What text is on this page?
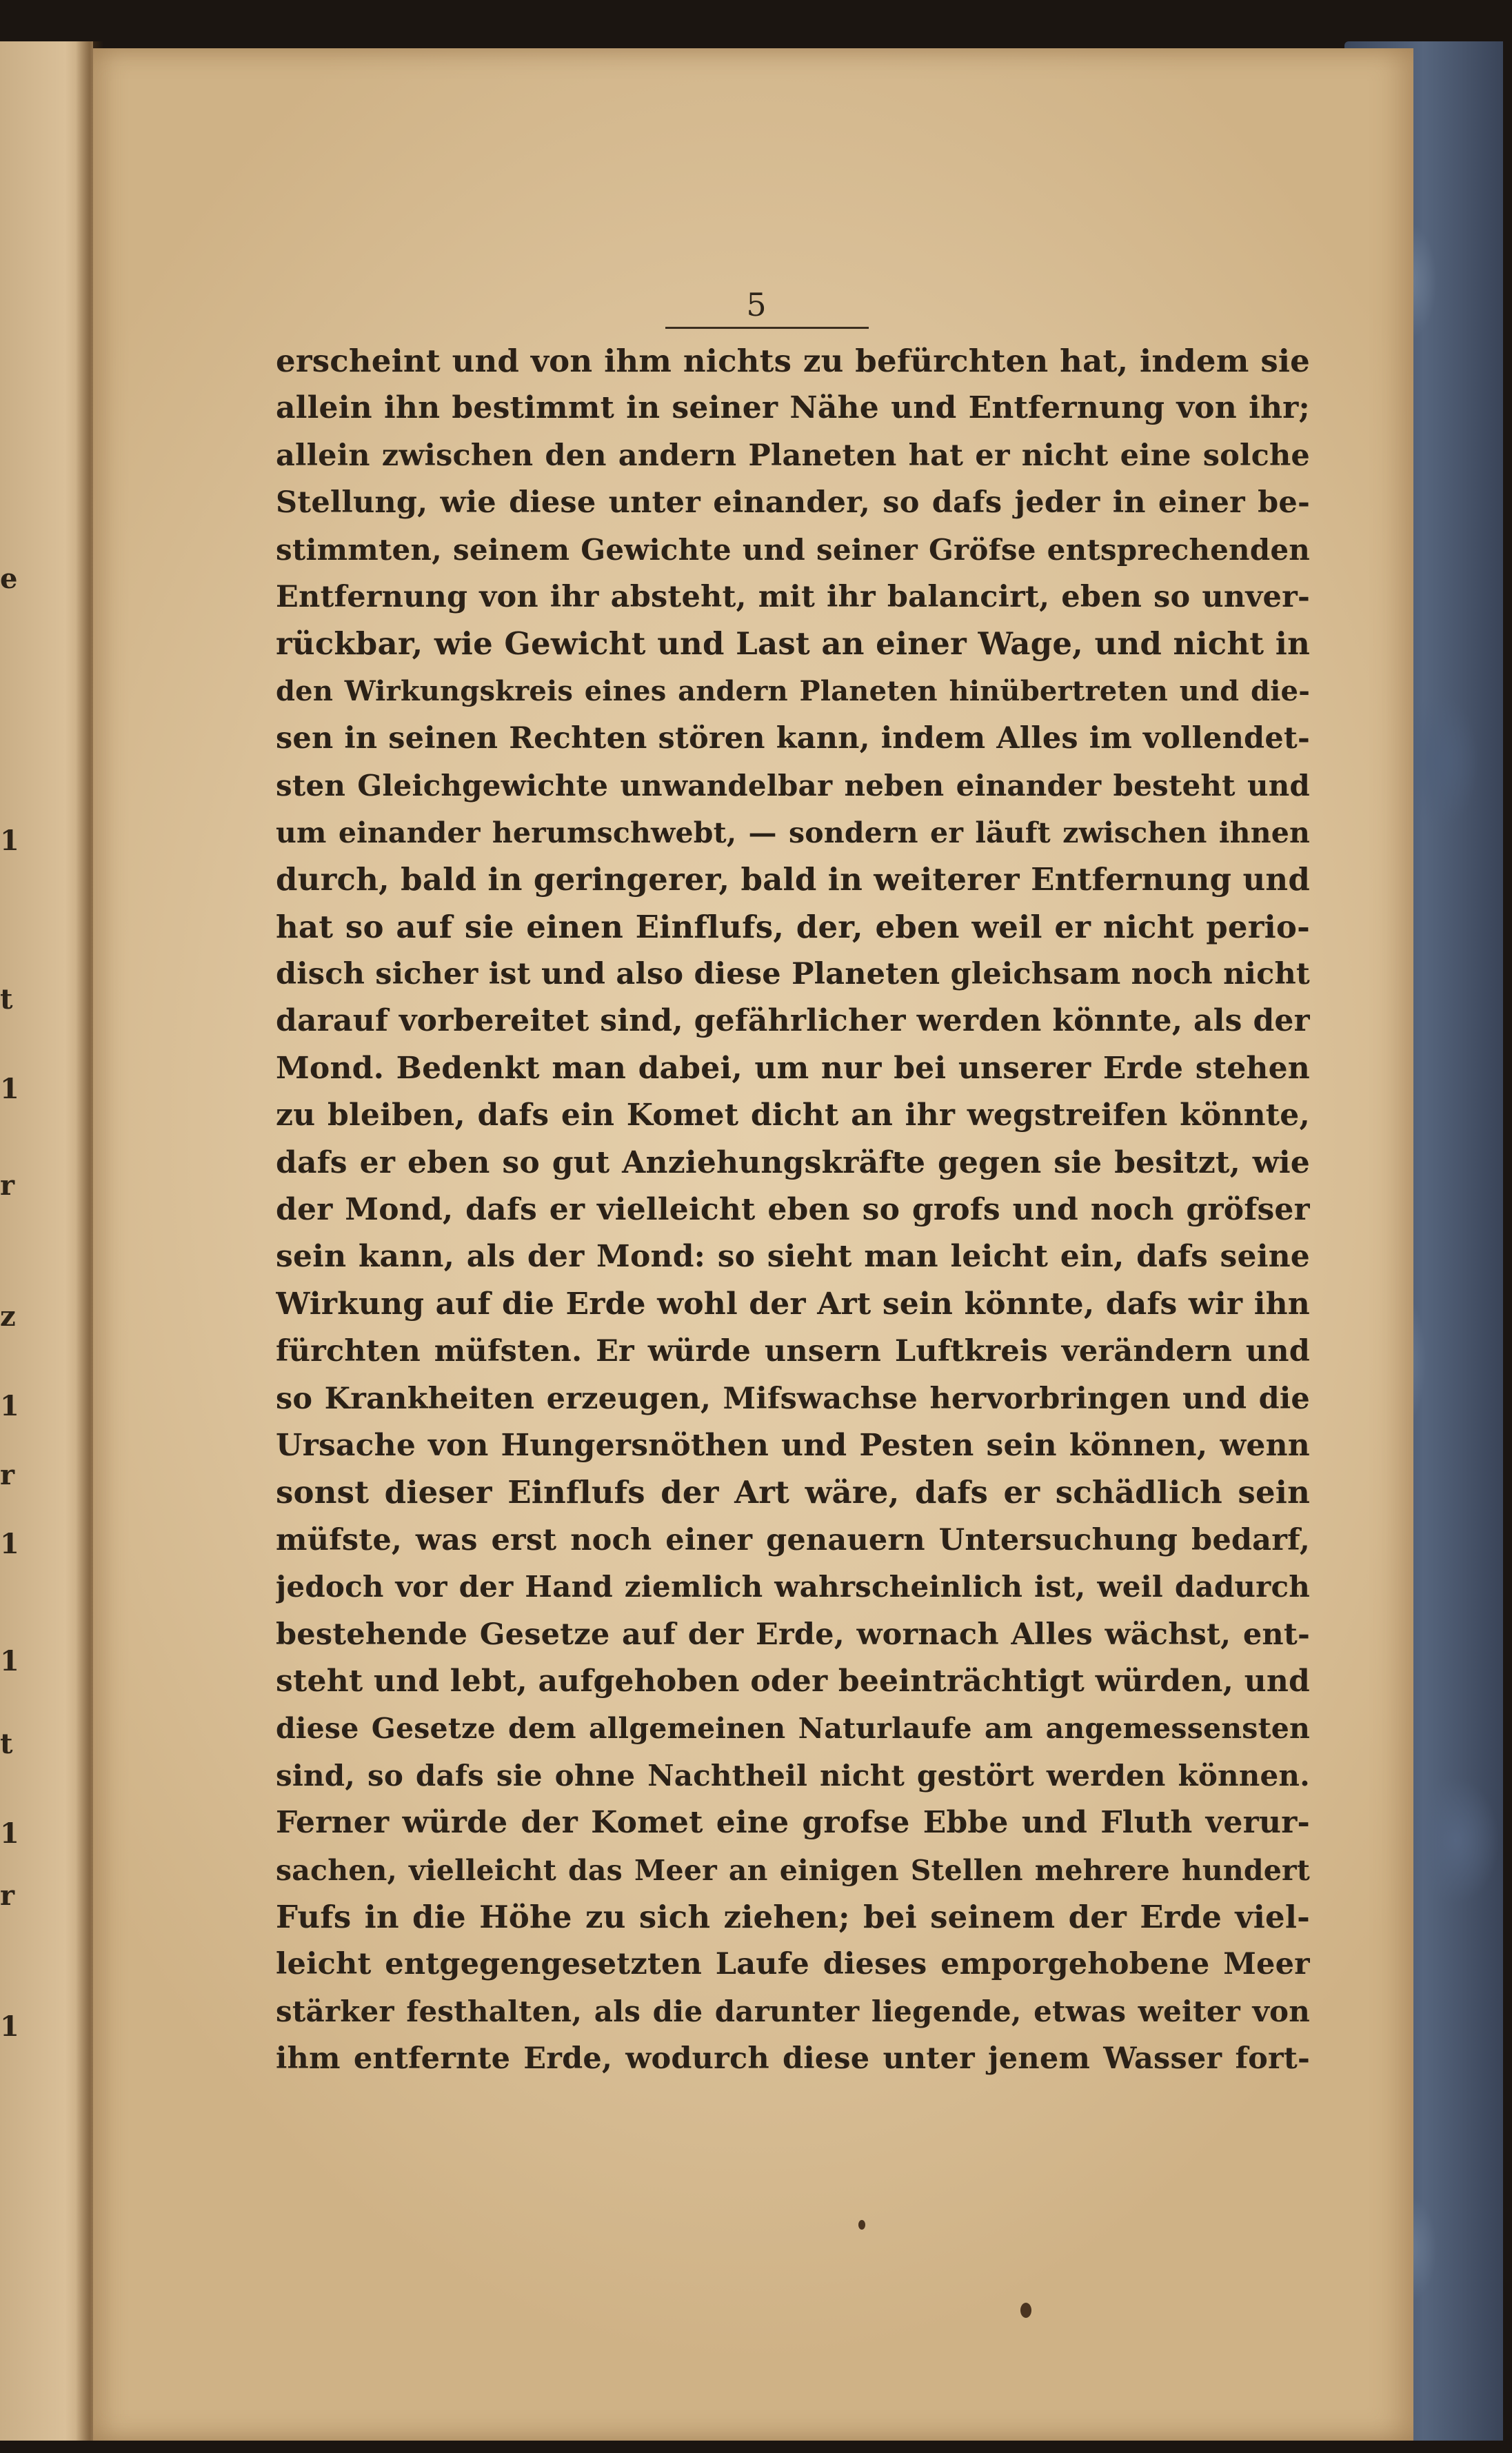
e
1
t
1
r
z
1
r
1
1
t
1
r
1
5
erscheint und von ihm nichts zu befürchten hat, indem sie
allein ihn bestimmt in seiner Nähe und Entfernung von ihr;
allein zwischen den andern Planeten hat er nicht eine solche
Stellung, wie diese unter einander, so dafs jeder in einer be-
stimmten, seinem Gewichte und seiner Gröfse entsprechenden
Entfernung von ihr absteht, mit ihr balancirt, eben so unver-
rückbar, wie Gewicht und Last an einer Wage, und nicht in
den Wirkungskreis eines andern Planeten hinübertreten und die-
sen in seinen Rechten stören kann, indem Alles im vollendet-
sten Gleichgewichte unwandelbar neben einander besteht und
um einander herumschwebt, — sondern er läuft zwischen ihnen
durch, bald in geringerer, bald in weiterer Entfernung und
hat so auf sie einen Einflufs, der, eben weil er nicht perio-
disch sicher ist und also diese Planeten gleichsam noch nicht
darauf vorbereitet sind, gefährlicher werden könnte, als der
Mond. Bedenkt man dabei, um nur bei unserer Erde stehen
zu bleiben, dafs ein Komet dicht an ihr wegstreifen könnte,
dafs er eben so gut Anziehungskräfte gegen sie besitzt, wie
der Mond, dafs er vielleicht eben so grofs und noch gröfser
sein kann, als der Mond: so sieht man leicht ein, dafs seine
Wirkung auf die Erde wohl der Art sein könnte, dafs wir ihn
fürchten müfsten. Er würde unsern Luftkreis verändern und
so Krankheiten erzeugen, Mifswachse hervorbringen und die
Ursache von Hungersnöthen und Pesten sein können, wenn
sonst dieser Einflufs der Art wäre, dafs er schädlich sein
müfste, was erst noch einer genauern Untersuchung bedarf,
jedoch vor der Hand ziemlich wahrscheinlich ist, weil dadurch
bestehende Gesetze auf der Erde, wornach Alles wächst, ent-
steht und lebt, aufgehoben oder beeinträchtigt würden, und
diese Gesetze dem allgemeinen Naturlaufe am angemessensten
sind, so dafs sie ohne Nachtheil nicht gestört werden können.
Ferner würde der Komet eine grofse Ebbe und Fluth verur-
sachen, vielleicht das Meer an einigen Stellen mehrere hundert
Fufs in die Höhe zu sich ziehen; bei seinem der Erde viel-
leicht entgegengesetzten Laufe dieses emporgehobene Meer
stärker festhalten, als die darunter liegende, etwas weiter von
ihm entfernte Erde, wodurch diese unter jenem Wasser fort-
